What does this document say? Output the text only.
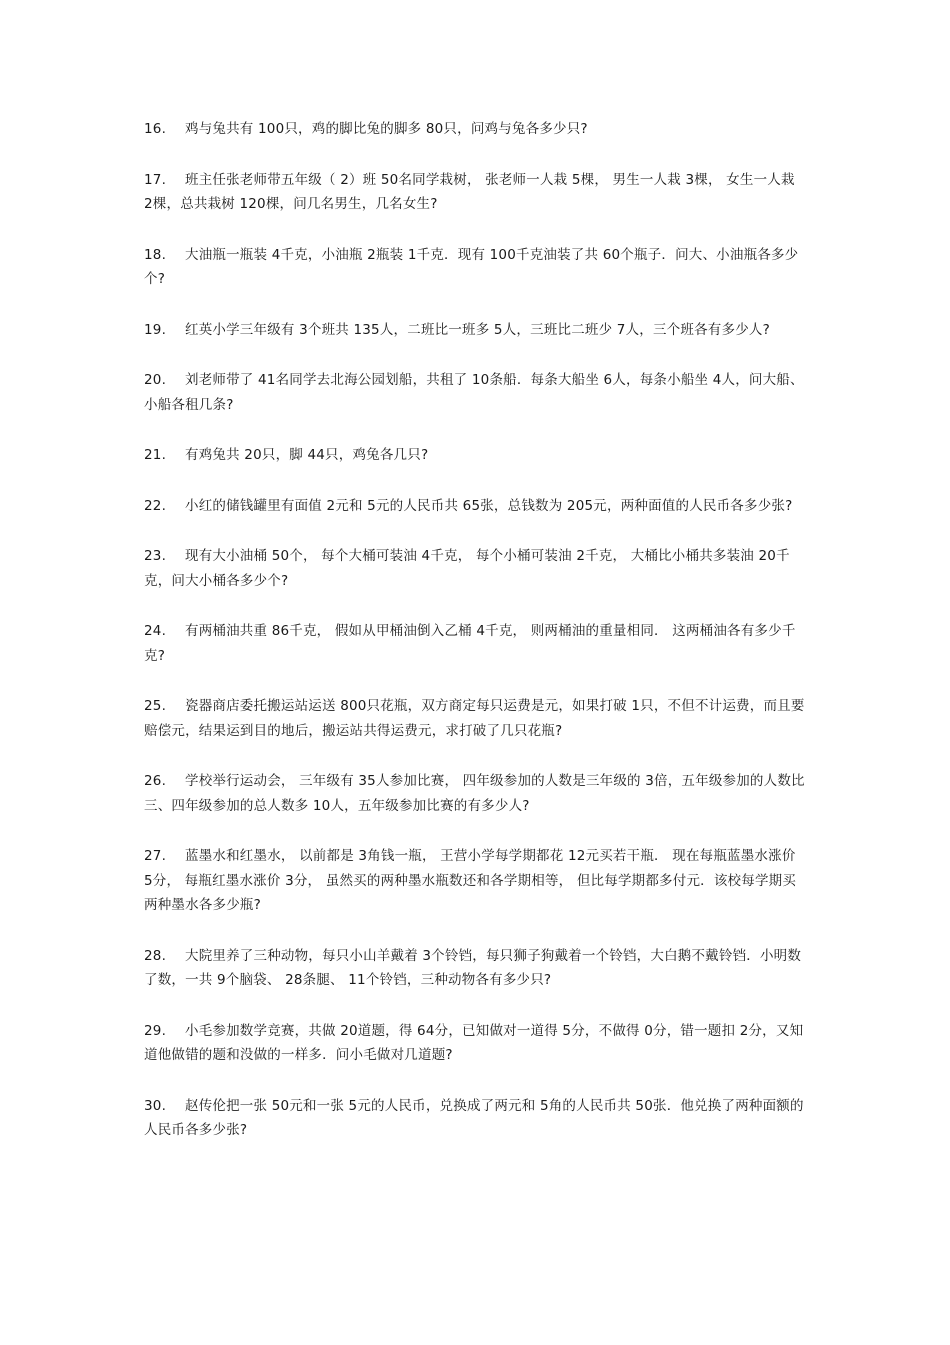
16. 鸡与兔共有 100只，鸡的脚比兔的脚多 80只，问鸡与兔各多少只?
17. 班主任张老师带五年级（ 2）班 50名同学栽树， 张老师一人栽 5棵， 男生一人栽 3棵， 女生一人栽 2棵，总共栽树 120棵，问几名男生，几名女生?
18. 大油瓶一瓶装 4千克，小油瓶 2瓶装 1千克．现有 100千克油装了共 60个瓶子．问大、小油瓶各多少个?
19. 红英小学三年级有 3个班共 135人，二班比一班多 5人，三班比二班少 7人，三个班各有多少人?
20. 刘老师带了 41名同学去北海公园划船，共租了 10条船．每条大船坐 6人，每条小船坐 4人，问大船、小船各租几条?
21. 有鸡兔共 20只，脚 44只，鸡兔各几只?
22. 小红的储钱罐里有面值 2元和 5元的人民币共 65张，总钱数为 205元，两种面值的人民币各多少张?
23. 现有大小油桶 50个， 每个大桶可装油 4千克， 每个小桶可装油 2千克， 大桶比小桶共多装油 20千克，问大小桶各多少个?
24. 有两桶油共重 86千克， 假如从甲桶油倒入乙桶 4千克， 则两桶油的重量相同． 这两桶油各有多少千克?
25. 瓷器商店委托搬运站运送 800只花瓶，双方商定每只运费是元，如果打破 1只，不但不计运费，而且要赔偿元，结果运到目的地后，搬运站共得运费元，求打破了几只花瓶?
26. 学校举行运动会， 三年级有 35人参加比赛， 四年级参加的人数是三年级的 3倍，五年级参加的人数比三、四年级参加的总人数多 10人，五年级参加比赛的有多少人?
27. 蓝墨水和红墨水， 以前都是 3角钱一瓶， 王营小学每学期都花 12元买若干瓶． 现在每瓶蓝墨水涨价 5分， 每瓶红墨水涨价 3分， 虽然买的两种墨水瓶数还和各学期相等， 但比每学期都多付元．该校每学期买两种墨水各多少瓶?
28. 大院里养了三种动物，每只小山羊戴着 3个铃铛，每只狮子狗戴着一个铃铛，大白鹅不戴铃铛．小明数了数，一共 9个脑袋、 28条腿、 11个铃铛，三种动物各有多少只?
29. 小毛参加数学竞赛，共做 20道题，得 64分，已知做对一道得 5分，不做得 0分，错一题扣 2分，又知道他做错的题和没做的一样多．问小毛做对几道题?
30. 赵传伦把一张 50元和一张 5元的人民币，兑换成了两元和 5角的人民币共 50张．他兑换了两种面额的人民币各多少张?
